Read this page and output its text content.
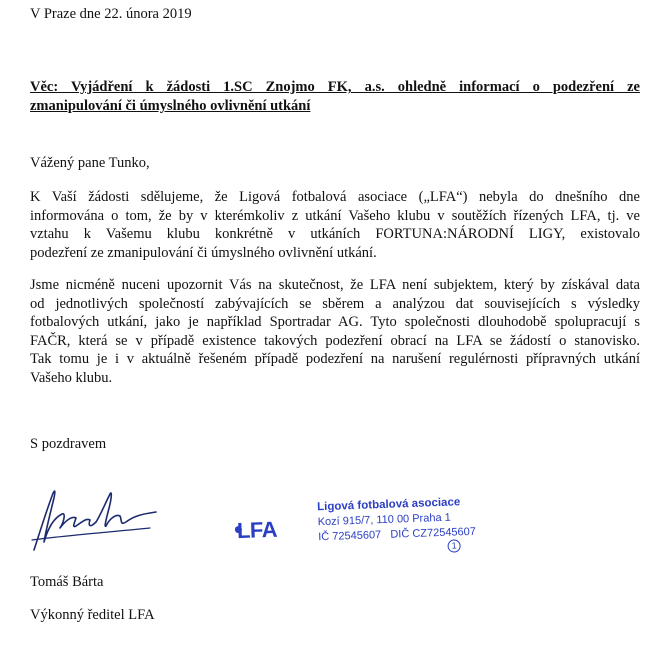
V Praze dne 22. února 2019
Věc: Vyjádření k žádosti 1.SC Znojmo FK, a.s. ohledně informací o podezření ze
zmanipulování či úmyslného ovlivnění utkání
Vážený pane Tunko,
K Vaší žádosti sdělujeme, že Ligová fotbalová asociace („LFA“) nebyla do dnešního dne
informována o tom, že by v kterémkoliv z utkání Vašeho klubu v soutěžích řízených LFA, tj. ve
vztahu k Vašemu klubu konkrétně v utkáních FORTUNA:NÁRODNÍ LIGY, existovalo
podezření ze zmanipulování či úmyslného ovlivnění utkání.
Jsme nicméně nuceni upozornit Vás na skutečnost, že LFA není subjektem, který by získával data
od jednotlivých společností zabývajících se sběrem a analýzou dat souvisejících s výsledky
fotbalových utkání, jako je například Sportradar AG. Tyto společnosti dlouhodobě spolupracují s
FAČR, která se v případě existence takových podezření obrací na LFA se žádostí o stanovisko.
Tak tomu je i v aktuálně řešeném případě podezření na narušení regulérnosti přípravných utkání
Vašeho klubu.
S pozdravem
LFA
Ligová fotbalová asociace
Kozí 915/7, 110 00 Praha 1
IČ 72545607   DIČ CZ72545607
1
Tomáš Bárta
Výkonný ředitel LFA
